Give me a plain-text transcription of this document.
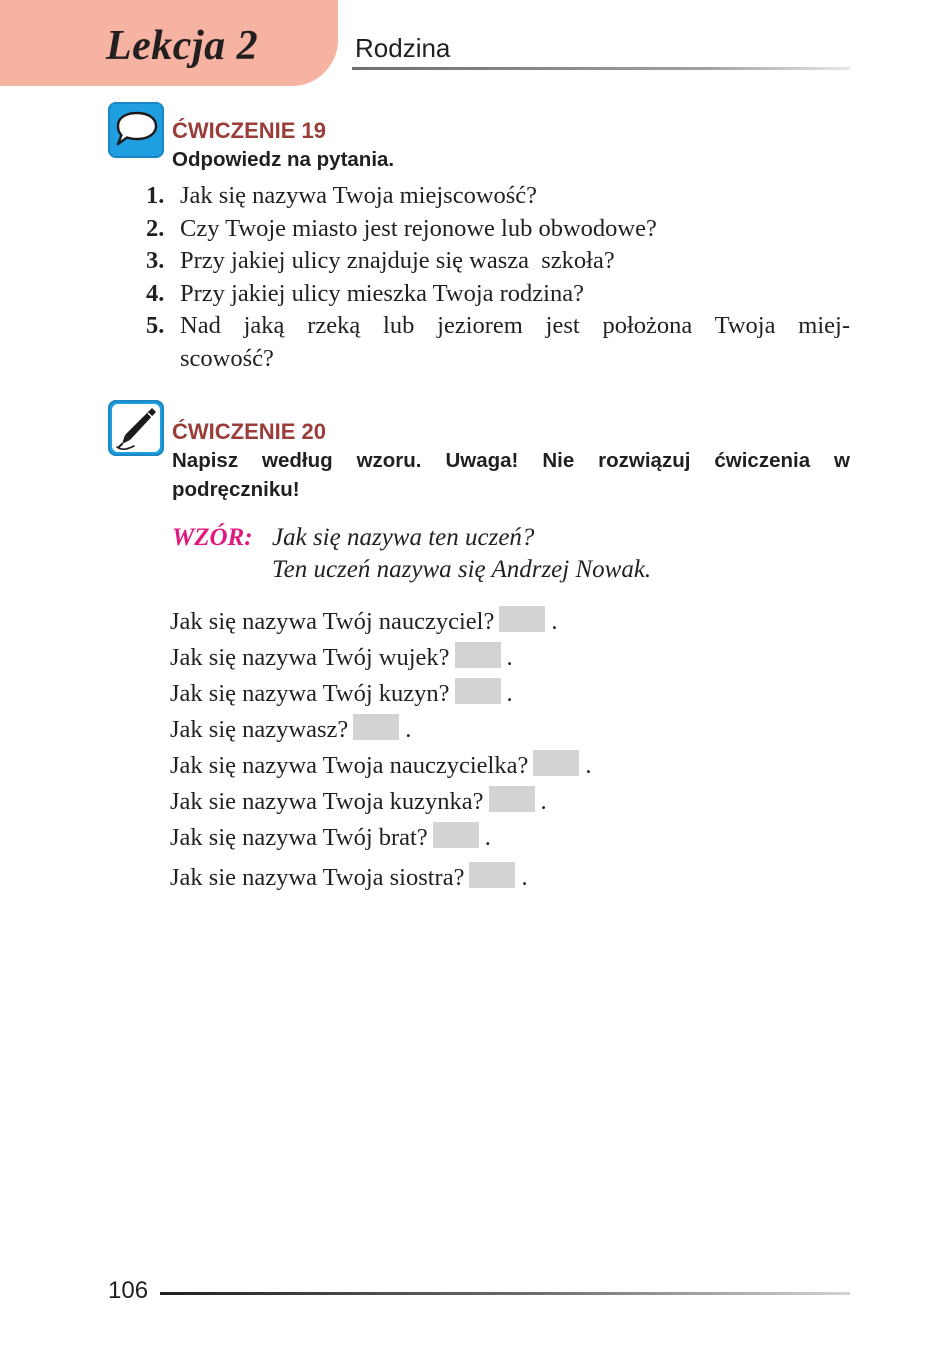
Lekcja 2	Rodzina
ĆWICZENIE 19
Odpowiedz na pytania.
1. Jak się nazywa Twoja miejscowość?
2. Czy Twoje miasto jest rejonowe lub obwodowe?
3. Przy jakiej ulicy znajduje się wasza  szkoła?
4. Przy jakiej ulicy mieszka Twoja rodzina?
5. Nad jaką rzeką lub jeziorem jest położona Twoja miej-
scowość?
ĆWICZENIE 20
Napisz według wzoru. Uwaga! Nie rozwiązuj ćwiczenia w podręczniku!
WZÓR: Jak się nazywa ten uczeń?
Ten uczeń nazywa się Andrzej Nowak.
Jak się nazywa Twój nauczyciel? .
Jak się nazywa Twój wujek? .
Jak się nazywa Twój kuzyn? .
Jak się nazywasz? .
Jak się nazywa Twoja nauczycielka? .
Jak sie nazywa Twoja kuzynka? .
Jak się nazywa Twój brat? .
Jak sie nazywa Twoja siostra? .
106
